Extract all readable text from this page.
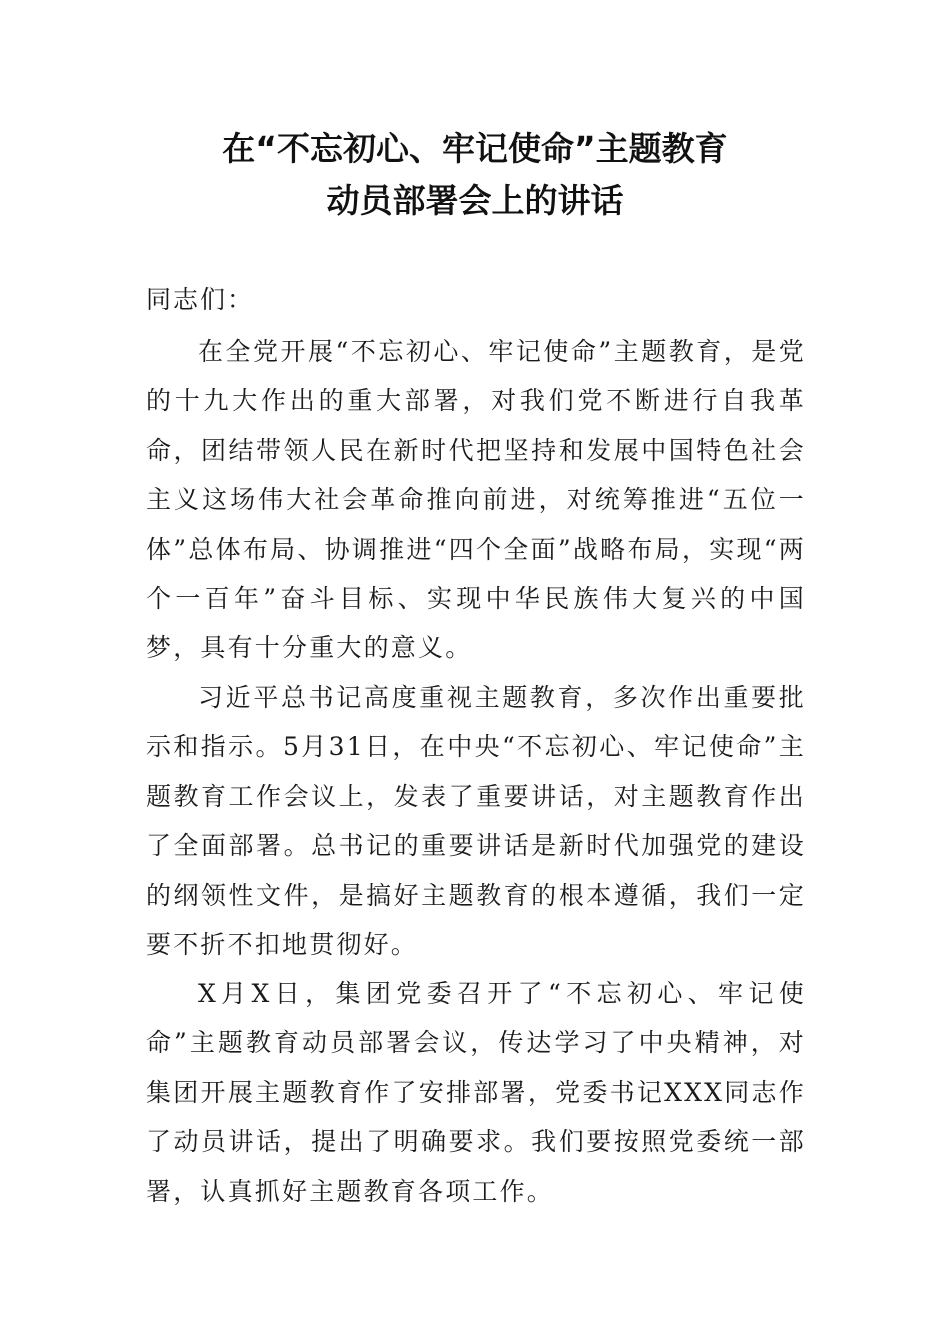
在“不忘初心、牢记使命”主题教育
动员部署会上的讲话
同志们：

在全党开展“不忘初心、牢记使命”主题教育，是党的十九大作出的重大部署，对我们党不断进行自我革命，团结带领人民在新时代把坚持和发展中国特色社会主义这场伟大社会革命推向前进，对统筹推进“五位一体”总体布局、协调推进“四个全面”战略布局，实现“两个一百年”奋斗目标、实现中华民族伟大复兴的中国梦，具有十分重大的意义。

习近平总书记高度重视主题教育，多次作出重要批示和指示。5月31日，在中央“不忘初心、牢记使命”主题教育工作会议上，发表了重要讲话，对主题教育作出了全面部署。总书记的重要讲话是新时代加强党的建设的纲领性文件，是搞好主题教育的根本遵循，我们一定要不折不扣地贯彻好。

X月X日，集团党委召开了“不忘初心、牢记使命”主题教育动员部署会议，传达学习了中央精神，对集团开展主题教育作了安排部署，党委书记XXX同志作了动员讲话，提出了明确要求。我们要按照党委统一部署，认真抓好主题教育各项工作。
